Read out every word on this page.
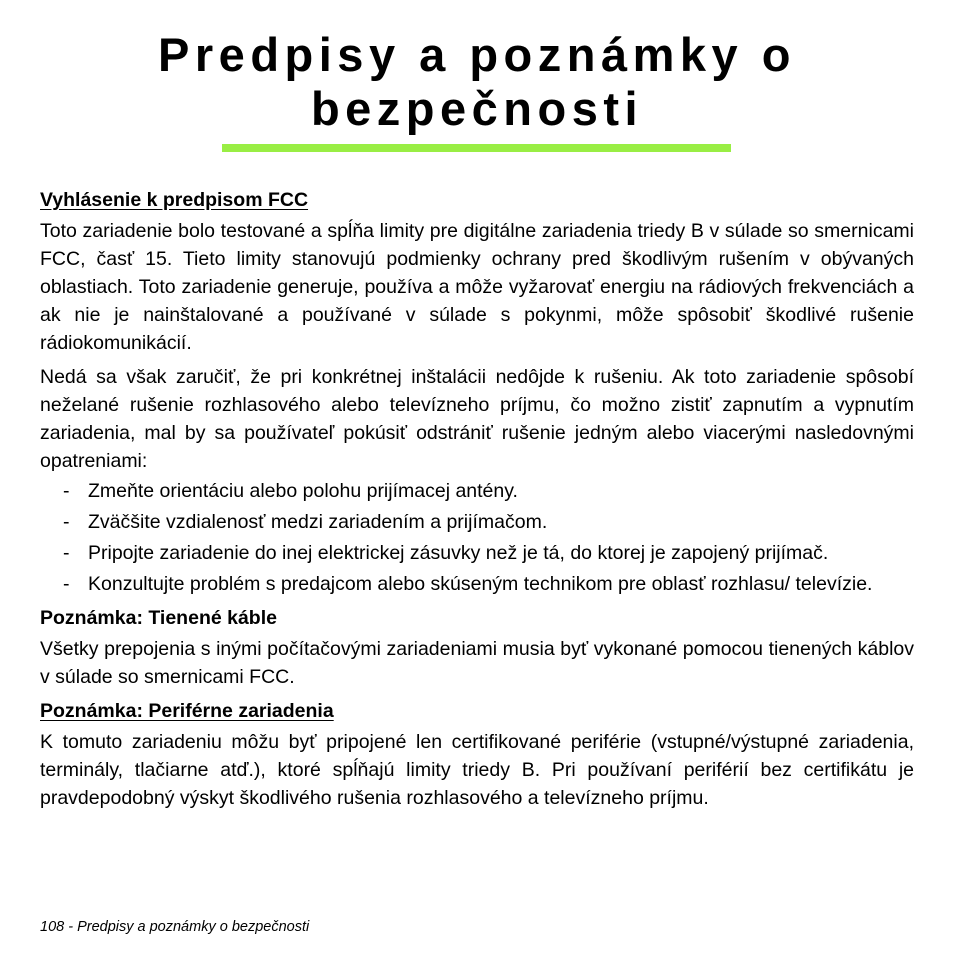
Predpisy a poznámky o
bezpečnosti

Vyhlásenie k predpisom FCC

Toto zariadenie bolo testované a spĺňa limity pre digitálne zariadenia triedy B v súlade so smernicami FCC, časť 15. Tieto limity stanovujú podmienky ochrany pred škodlivým rušením v obývaných oblastiach. Toto zariadenie generuje, používa a môže vyžarovať energiu na rádiových frekvenciách a ak nie je nainštalované a používané v súlade s pokynmi, môže spôsobiť škodlivé rušenie rádiokomunikácií.

Nedá sa však zaručiť, že pri konkrétnej inštalácii nedôjde k rušeniu. Ak toto zariadenie spôsobí neželané rušenie rozhlasového alebo televízneho príjmu, čo možno zistiť zapnutím a vypnutím zariadenia, mal by sa používateľ pokúsiť odstrániť rušenie jedným alebo viacerými nasledovnými opatreniami:

- Zmeňte orientáciu alebo polohu prijímacej antény.
- Zväčšite vzdialenosť medzi zariadením a prijímačom.
- Pripojte zariadenie do inej elektrickej zásuvky než je tá, do ktorej je zapojený prijímač.
- Konzultujte problém s predajcom alebo skúseným technikom pre oblasť rozhlasu/ televízie.

Poznámka: Tienené káble

Všetky prepojenia s inými počítačovými zariadeniami musia byť vykonané pomocou tienených káblov v súlade so smernicami FCC.

Poznámka: Periférne zariadenia

K tomuto zariadeniu môžu byť pripojené len certifikované periférie (vstupné/výstupné zariadenia, terminály, tlačiarne atď.), ktoré spĺňajú limity triedy B. Pri používaní periférií bez certifikátu je pravdepodobný výskyt škodlivého rušenia rozhlasového a televízneho príjmu.

108 - Predpisy a poznámky o bezpečnosti
